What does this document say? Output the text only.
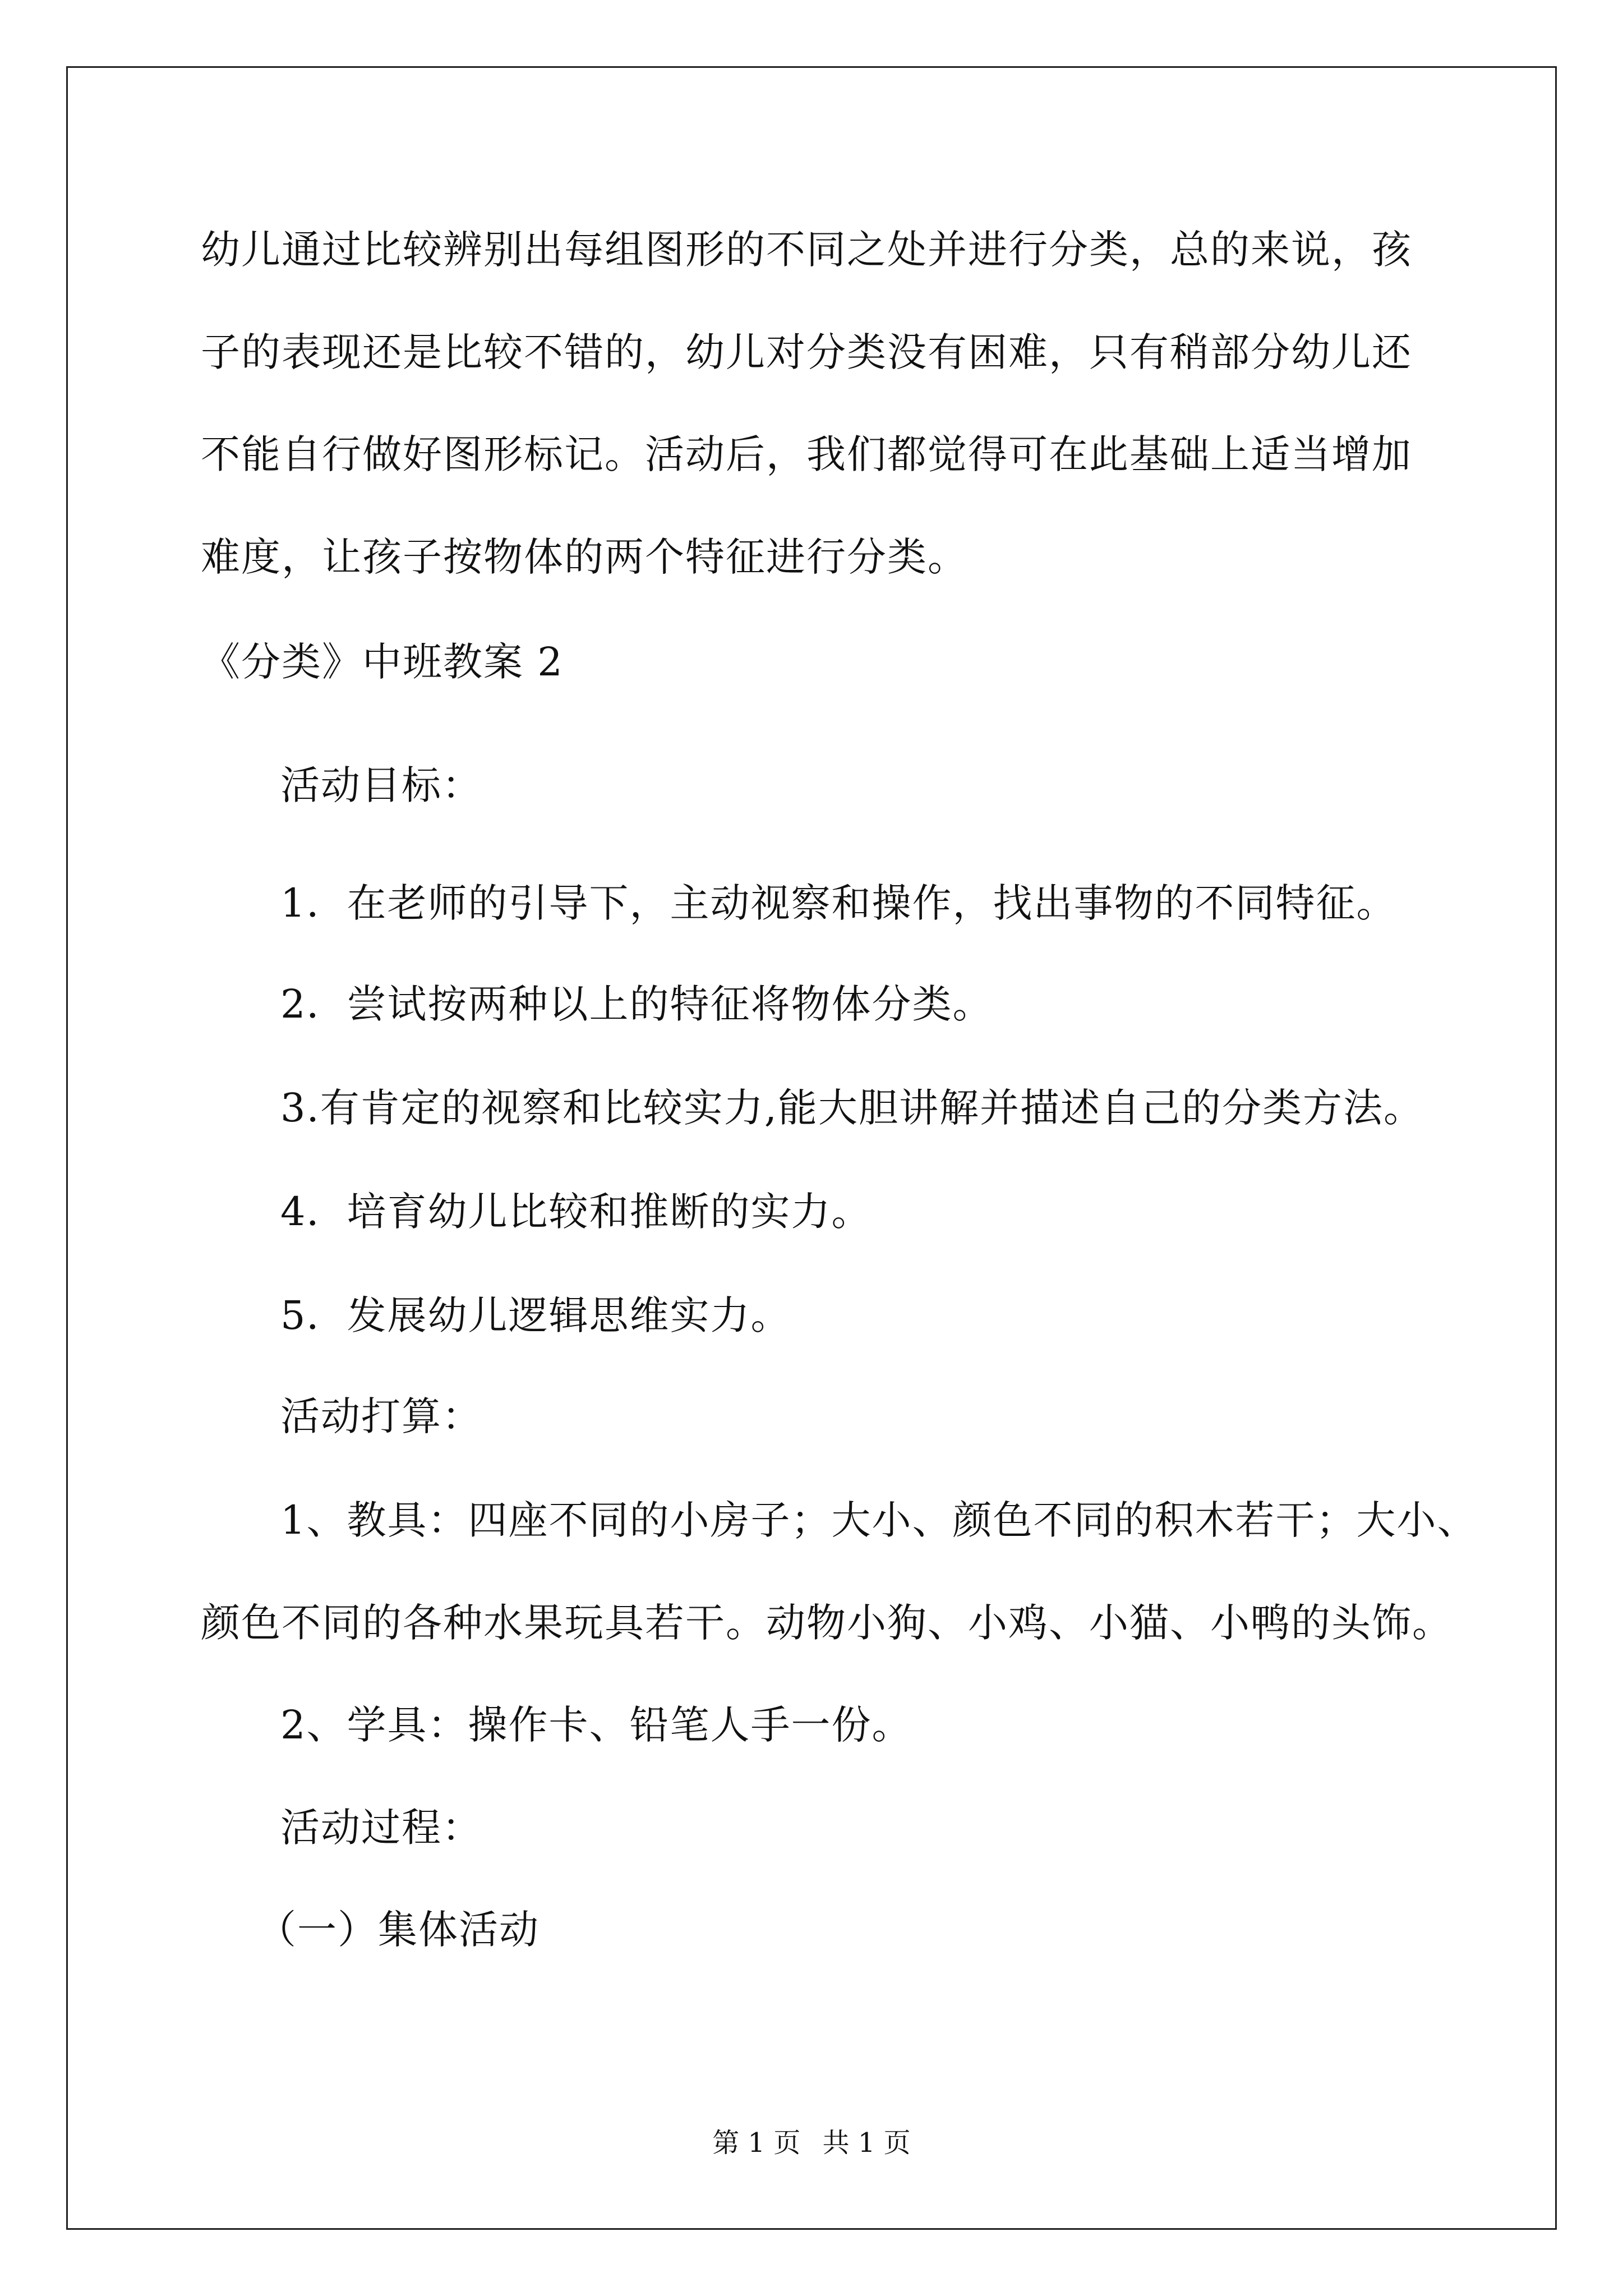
幼儿通过比较辨别出每组图形的不同之处并进行分类，总的来说，孩
子的表现还是比较不错的，幼儿对分类没有困难，只有稍部分幼儿还
不能自行做好图形标记。活动后，我们都觉得可在此基础上适当增加
难度，让孩子按物体的两个特征进行分类。
《分类》中班教案 2
活动目标：
1．在老师的引导下，主动视察和操作，找出事物的不同特征。
2．尝试按两种以上的特征将物体分类。
3.有肯定的视察和比较实力,能大胆讲解并描述自己的分类方法。
4．培育幼儿比较和推断的实力。
5．发展幼儿逻辑思维实力。
活动打算：
1、教具：四座不同的小房子；大小、颜色不同的积木若干；大小、
颜色不同的各种水果玩具若干。动物小狗、小鸡、小猫、小鸭的头饰。
2、学具：操作卡、铅笔人手一份。
活动过程：
（一）集体活动
第 1 页 共 1 页
